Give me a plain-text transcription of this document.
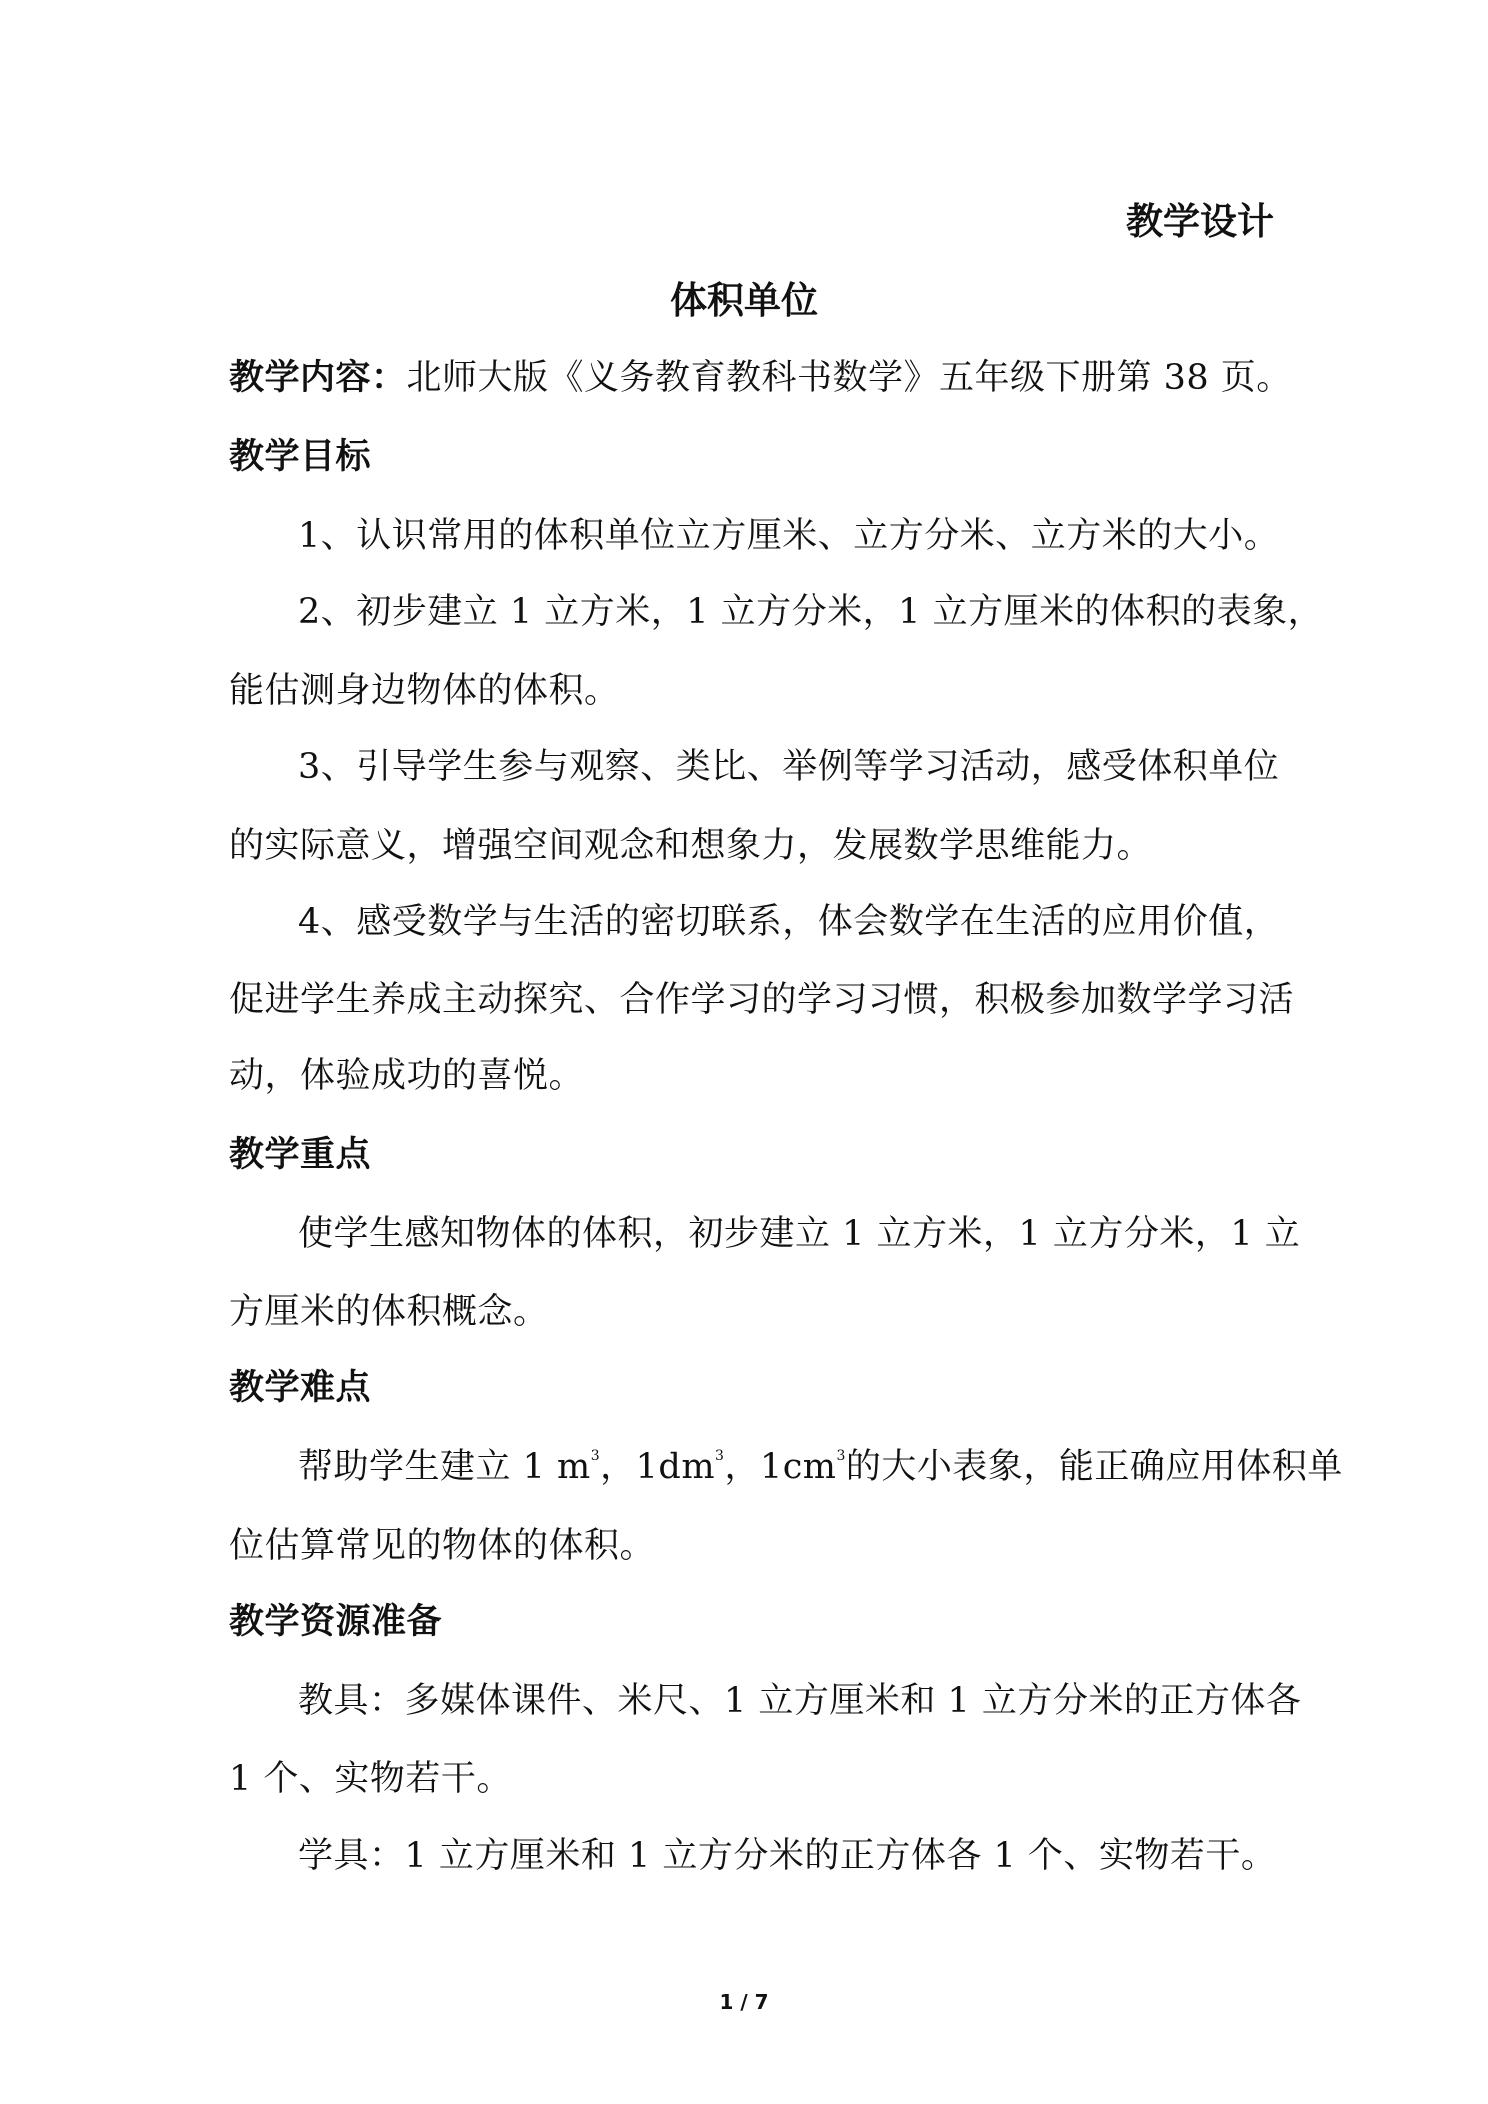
教学设计
体积单位
教学内容：北师大版《义务教育教科书数学》五年级下册第 38 页。
教学目标
1、认识常用的体积单位立方厘米、立方分米、立方米的大小。
2、初步建立 1 立方米，1 立方分米，1 立方厘米的体积的表象，
能估测身边物体的体积。
3、引导学生参与观察、类比、举例等学习活动，感受体积单位
的实际意义，增强空间观念和想象力，发展数学思维能力。
4、感受数学与生活的密切联系，体会数学在生活的应用价值，
促进学生养成主动探究、合作学习的学习习惯，积极参加数学学习活
动，体验成功的喜悦。
教学重点
使学生感知物体的体积，初步建立 1 立方米，1 立方分米，1 立
方厘米的体积概念。
教学难点
帮助学生建立 1 $m^3$，$1dm^3$，$1cm^3$的大小表象，能正确应用体积单
位估算常见的物体的体积。
教学资源准备
教具：多媒体课件、米尺、1 立方厘米和 1 立方分米的正方体各
1 个、实物若干。
学具：1 立方厘米和 1 立方分米的正方体各 1 个、实物若干。
1 / 7
